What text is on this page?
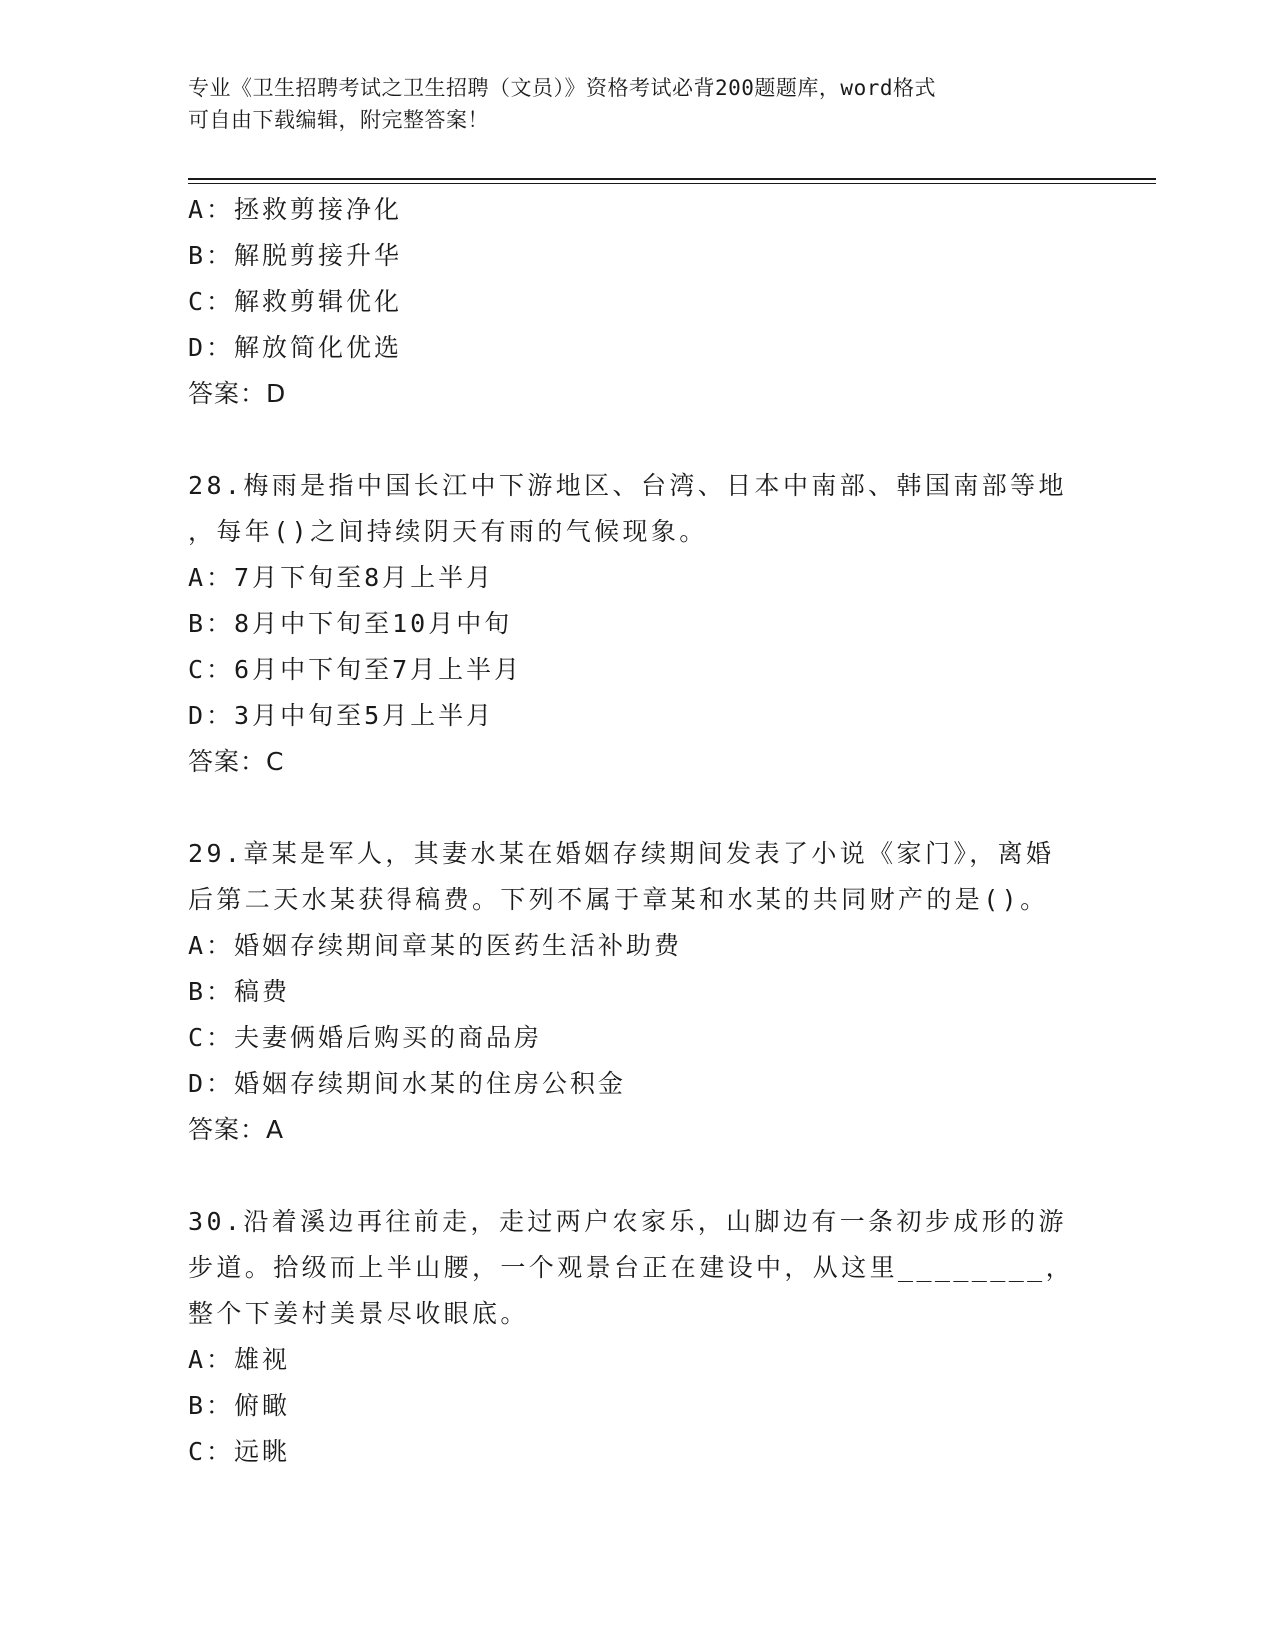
专业《卫生招聘考试之卫生招聘（文员）》资格考试必背200题题库，word格式
可自由下载编辑，附完整答案！
A：拯救剪接净化
B：解脱剪接升华
C：解救剪辑优化
D：解放简化优选
答案：D
28.梅雨是指中国长江中下游地区、台湾、日本中南部、韩国南部等地
，每年()之间持续阴天有雨的气候现象。
A：7月下旬至8月上半月
B：8月中下旬至10月中旬
C：6月中下旬至7月上半月
D：3月中旬至5月上半月
答案：C
29.章某是军人，其妻水某在婚姻存续期间发表了小说《家门》，离婚
后第二天水某获得稿费。下列不属于章某和水某的共同财产的是()。
A：婚姻存续期间章某的医药生活补助费
B：稿费
C：夫妻俩婚后购买的商品房
D：婚姻存续期间水某的住房公积金
答案：A
30.沿着溪边再往前走，走过两户农家乐，山脚边有一条初步成形的游
步道。拾级而上半山腰，一个观景台正在建设中，从这里________，
整个下姜村美景尽收眼底。
A：雄视
B：俯瞰
C：远眺
